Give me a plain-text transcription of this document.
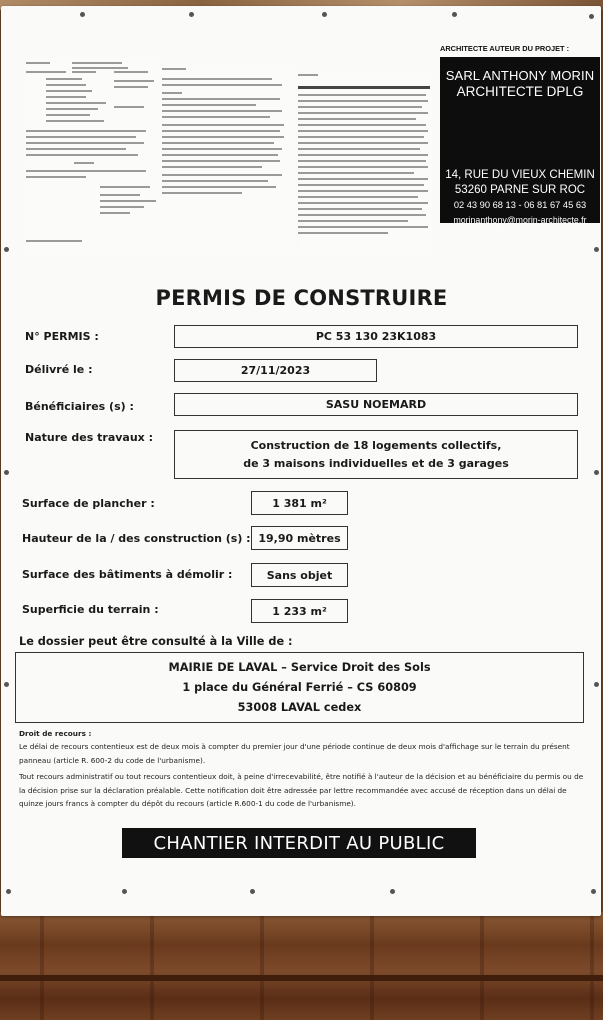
ARCHITECTE AUTEUR DU PROJET :
SARL ANTHONY MORIN
ARCHITECTE DPLG
14, RUE DU VIEUX CHEMIN
53260 PARNE SUR ROC
02 43 90 68 13 - 06 81 67 45 63
morinanthony@morin-architecte.fr
PERMIS DE CONSTRUIRE
N° PERMIS :	PC 53 130 23K1083
Délivré le :	27/11/2023
Bénéficiaires (s) :	SASU NOEMARD
Nature des travaux :
Construction de 18 logements collectifs,
de 3 maisons individuelles et de 3 garages
Surface de plancher :	1 381 m²
Hauteur de la / des construction (s) : 19,90 mètres
Surface des bâtiments à démolir :	Sans objet
Superficie du terrain :	1 233 m²
Le dossier peut être consulté à la Ville de :
MAIRIE DE LAVAL – Service Droit des Sols
1 place du Général Ferrié – CS 60809
53008 LAVAL cedex
Droit de recours :
Le délai de recours contentieux est de deux mois à compter du premier jour d'une période continue de deux mois d'affichage sur le terrain du présent panneau (article R. 600-2 du code de l'urbanisme).
Tout recours administratif ou tout recours contentieux doit, à peine d'irrecevabilité, être notifié à l'auteur de la décision et au bénéficiaire du permis ou de la décision prise sur la déclaration préalable. Cette notification doit être adressée par lettre recommandée avec accusé de réception dans un délai de quinze jours francs à compter du dépôt du recours (article R.600-1 du code de l'urbanisme).
CHANTIER INTERDIT AU PUBLIC
